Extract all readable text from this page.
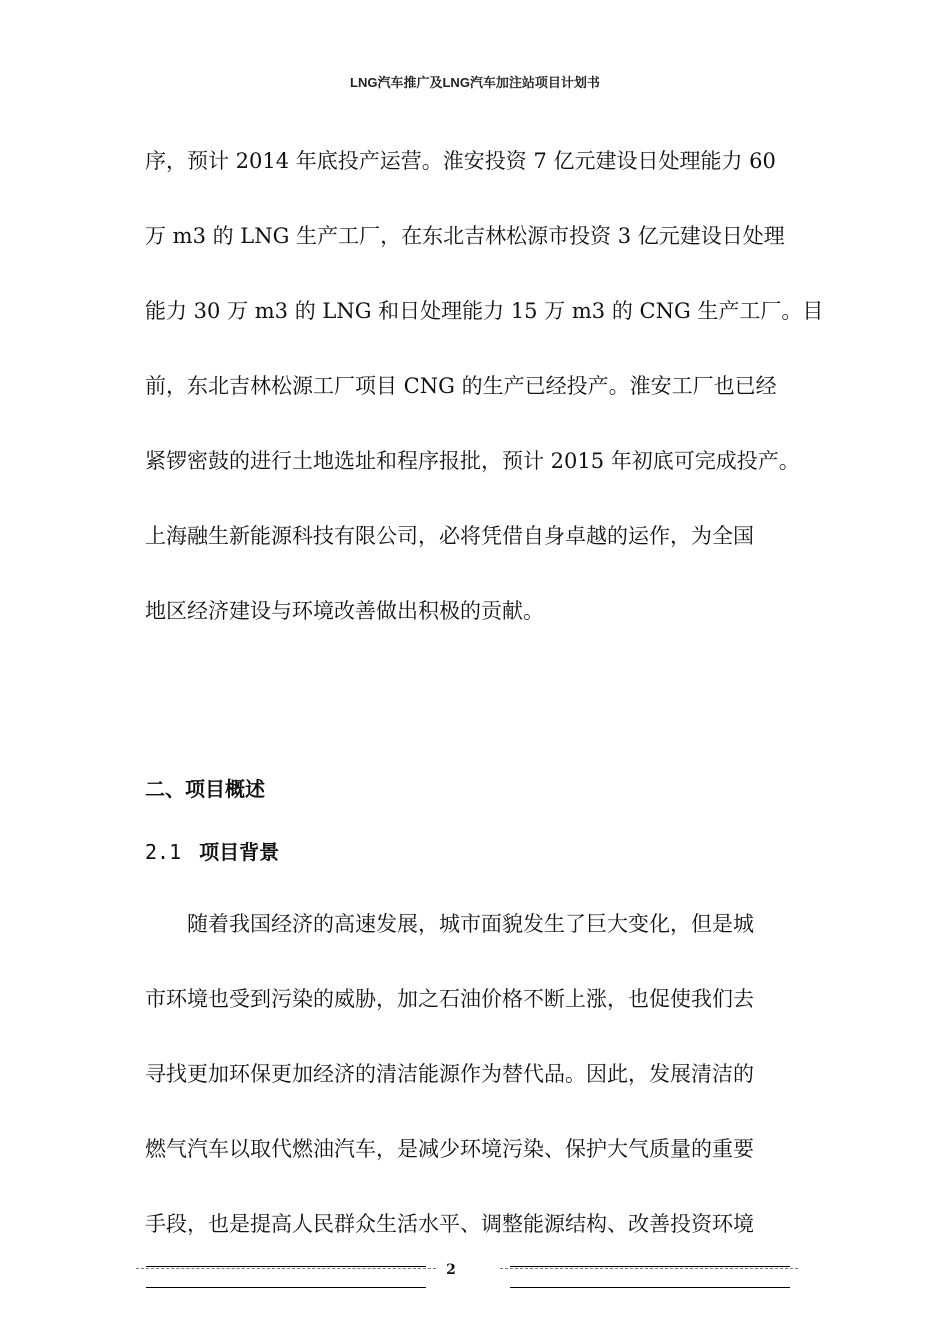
LNG汽车推广及LNG汽车加注站项目计划书
序，预计 2014 年底投产运营。淮安投资 7 亿元建设日处理能力 60
万 m3 的 LNG 生产工厂，在东北吉林松源市投资 3 亿元建设日处理
能力 30 万 m3 的 LNG 和日处理能力 15 万 m3 的 CNG 生产工厂。目
前，东北吉林松源工厂项目 CNG 的生产已经投产。淮安工厂也已经
紧锣密鼓的进行土地选址和程序报批，预计 2015 年初底可完成投产。
上海融生新能源科技有限公司，必将凭借自身卓越的运作，为全国
地区经济建设与环境改善做出积极的贡献。
二、项目概述
2.1 项目背景
随着我国经济的高速发展，城市面貌发生了巨大变化，但是城
市环境也受到污染的威胁，加之石油价格不断上涨，也促使我们去
寻找更加环保更加经济的清洁能源作为替代品。因此，发展清洁的
燃气汽车以取代燃油汽车，是减少环境污染、保护大气质量的重要
手段，也是提高人民群众生活水平、调整能源结构、改善投资环境
2
